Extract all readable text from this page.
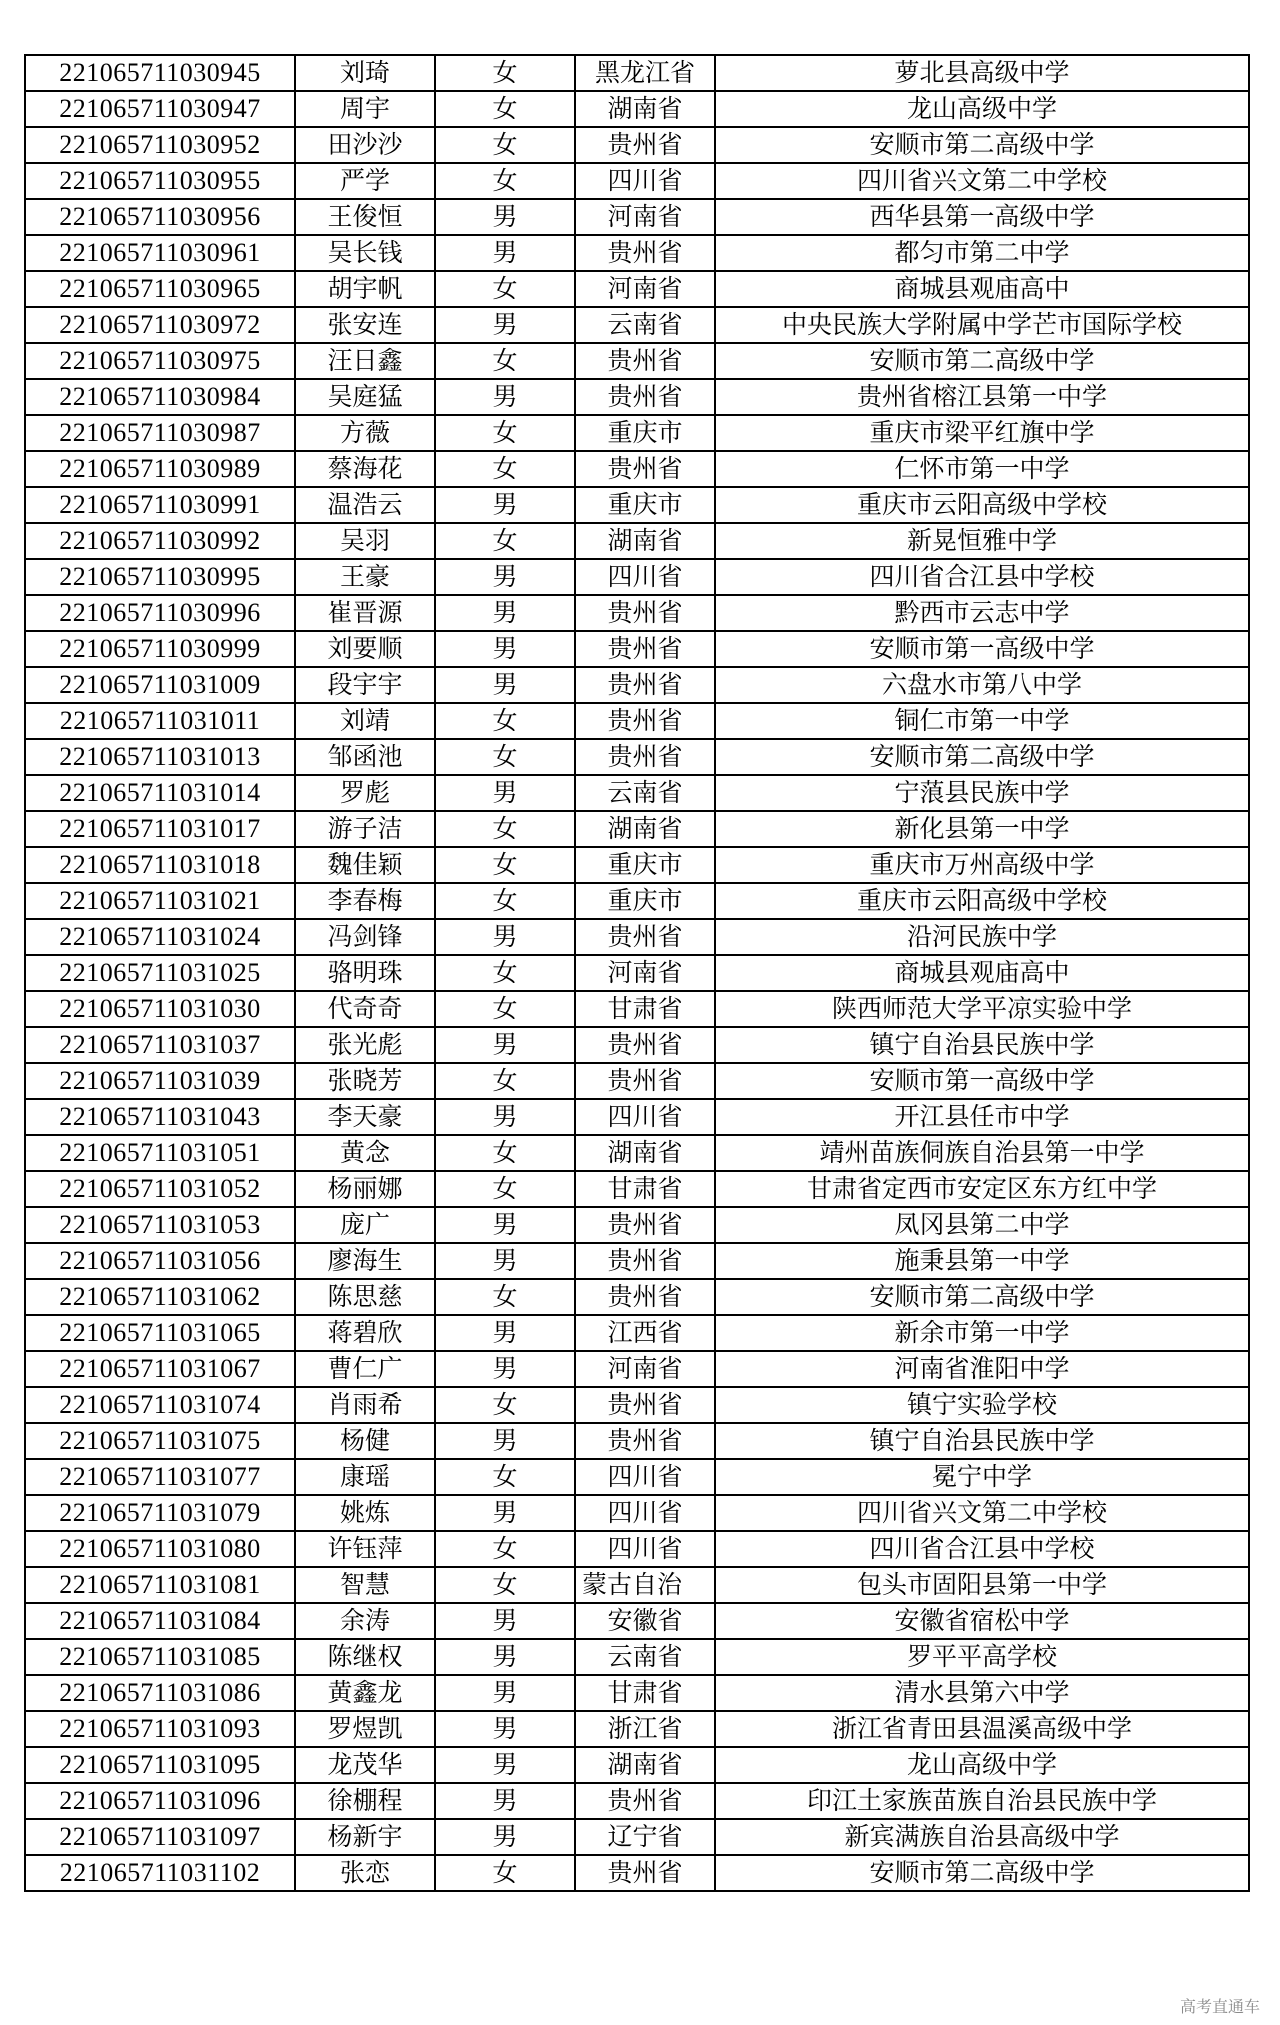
221065711030945	刘琦	女	黑龙江省	萝北县高级中学
221065711030947	周宇	女	湖南省	龙山高级中学
221065711030952	田沙沙	女	贵州省	安顺市第二高级中学
221065711030955	严学	女	四川省	四川省兴文第二中学校
221065711030956	王俊恒	男	河南省	西华县第一高级中学
221065711030961	吴长钱	男	贵州省	都匀市第二中学
221065711030965	胡宇帆	女	河南省	商城县观庙高中
221065711030972	张安连	男	云南省	中央民族大学附属中学芒市国际学校
221065711030975	汪日鑫	女	贵州省	安顺市第二高级中学
221065711030984	吴庭猛	男	贵州省	贵州省榕江县第一中学
221065711030987	方薇	女	重庆市	重庆市梁平红旗中学
221065711030989	蔡海花	女	贵州省	仁怀市第一中学
221065711030991	温浩云	男	重庆市	重庆市云阳高级中学校
221065711030992	吴羽	女	湖南省	新晃恒雅中学
221065711030995	王豪	男	四川省	四川省合江县中学校
221065711030996	崔晋源	男	贵州省	黔西市云志中学
221065711030999	刘要顺	男	贵州省	安顺市第一高级中学
221065711031009	段宇宇	男	贵州省	六盘水市第八中学
221065711031011	刘靖	女	贵州省	铜仁市第一中学
221065711031013	邹函池	女	贵州省	安顺市第二高级中学
221065711031014	罗彪	男	云南省	宁蒗县民族中学
221065711031017	游子洁	女	湖南省	新化县第一中学
221065711031018	魏佳颖	女	重庆市	重庆市万州高级中学
221065711031021	李春梅	女	重庆市	重庆市云阳高级中学校
221065711031024	冯剑锋	男	贵州省	沿河民族中学
221065711031025	骆明珠	女	河南省	商城县观庙高中
221065711031030	代奇奇	女	甘肃省	陕西师范大学平凉实验中学
221065711031037	张光彪	男	贵州省	镇宁自治县民族中学
221065711031039	张晓芳	女	贵州省	安顺市第一高级中学
221065711031043	李天豪	男	四川省	开江县任市中学
221065711031051	黄念	女	湖南省	靖州苗族侗族自治县第一中学
221065711031052	杨丽娜	女	甘肃省	甘肃省定西市安定区东方红中学
221065711031053	庞广	男	贵州省	凤冈县第二中学
221065711031056	廖海生	男	贵州省	施秉县第一中学
221065711031062	陈思慈	女	贵州省	安顺市第二高级中学
221065711031065	蒋碧欣	男	江西省	新余市第一中学
221065711031067	曹仁广	男	河南省	河南省淮阳中学
221065711031074	肖雨希	女	贵州省	镇宁实验学校
221065711031075	杨健	男	贵州省	镇宁自治县民族中学
221065711031077	康瑶	女	四川省	冕宁中学
221065711031079	姚炼	男	四川省	四川省兴文第二中学校
221065711031080	许钰萍	女	四川省	四川省合江县中学校
221065711031081	智慧	女	蒙古自治	包头市固阳县第一中学
221065711031084	余涛	男	安徽省	安徽省宿松中学
221065711031085	陈继权	男	云南省	罗平平高学校
221065711031086	黄鑫龙	男	甘肃省	清水县第六中学
221065711031093	罗煜凯	男	浙江省	浙江省青田县温溪高级中学
221065711031095	龙茂华	男	湖南省	龙山高级中学
221065711031096	徐棚程	男	贵州省	印江土家族苗族自治县民族中学
221065711031097	杨新宇	男	辽宁省	新宾满族自治县高级中学
221065711031102	张恋	女	贵州省	安顺市第二高级中学
高考直通车
